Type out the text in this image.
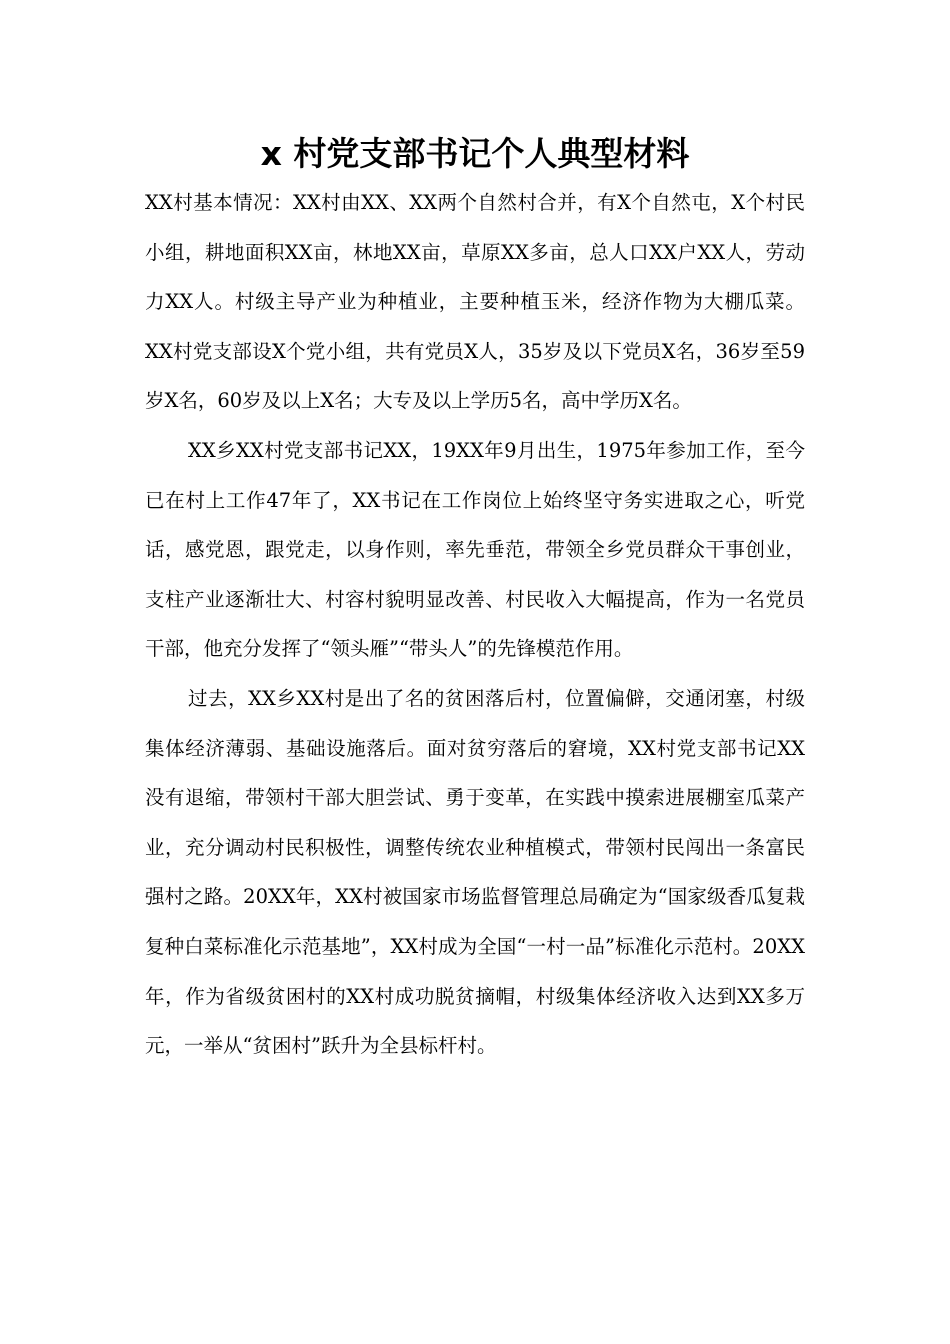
x 村党支部书记个人典型材料

XX村基本情况：XX村由XX、XX两个自然村合并，有X个自然屯，X个村民小组，耕地面积XX亩，林地XX亩，草原XX多亩，总人口XX户XX人，劳动力XX人。村级主导产业为种植业，主要种植玉米，经济作物为大棚瓜菜。XX村党支部设X个党小组，共有党员X人，35岁及以下党员X名，36岁至59岁X名，60岁及以上X名；大专及以上学历5名，高中学历X名。

XX乡XX村党支部书记XX，19XX年9月出生，1975年参加工作，至今已在村上工作47年了，XX书记在工作岗位上始终坚守务实进取之心，听党话，感党恩，跟党走，以身作则，率先垂范，带领全乡党员群众干事创业，支柱产业逐渐壮大、村容村貌明显改善、村民收入大幅提高，作为一名党员干部，他充分发挥了“领头雁”“带头人”的先锋模范作用。

过去，XX乡XX村是出了名的贫困落后村，位置偏僻，交通闭塞，村级集体经济薄弱、基础设施落后。面对贫穷落后的窘境，XX村党支部书记XX没有退缩，带领村干部大胆尝试、勇于变革，在实践中摸索进展棚室瓜菜产业，充分调动村民积极性，调整传统农业种植模式，带领村民闯出一条富民强村之路。20XX年，XX村被国家市场监督管理总局确定为“国家级香瓜复栽复种白菜标准化示范基地”，XX村成为全国“一村一品”标准化示范村。20XX年，作为省级贫困村的XX村成功脱贫摘帽，村级集体经济收入达到XX多万元，一举从“贫困村”跃升为全县标杆村。
